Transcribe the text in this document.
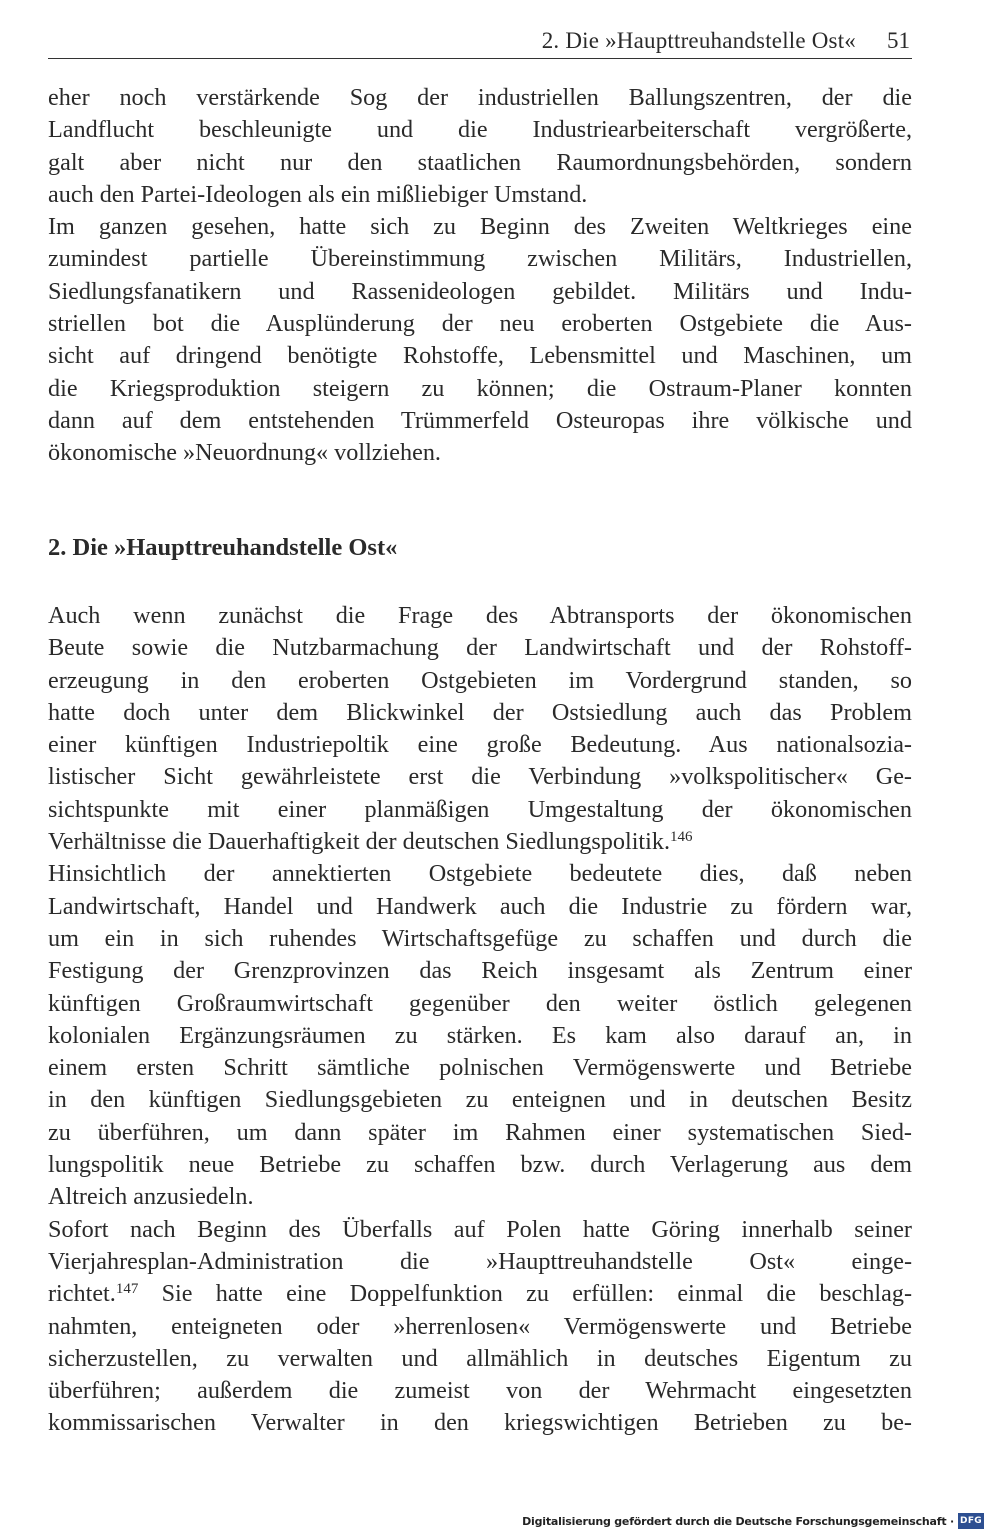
2. Die »Haupttreuhandstelle Ost« 51

eher noch verstärkende Sog der industriellen Ballungszentren, der die
Landflucht beschleunigte und die Industriearbeiterschaft vergrößerte,
galt aber nicht nur den staatlichen Raumordnungsbehörden, sondern
auch den Partei-Ideologen als ein mißliebiger Umstand.

Im ganzen gesehen, hatte sich zu Beginn des Zweiten Weltkrieges eine
zumindest partielle Übereinstimmung zwischen Militärs, Industriellen,
Siedlungsfanatikern und Rassenideologen gebildet. Militärs und Indu-
striellen bot die Ausplünderung der neu eroberten Ostgebiete die Aus-
sicht auf dringend benötigte Rohstoffe, Lebensmittel und Maschinen, um
die Kriegsproduktion steigern zu können; die Ostraum-Planer konnten
dann auf dem entstehenden Trümmerfeld Osteuropas ihre völkische und
ökonomische »Neuordnung« vollziehen.

2. Die »Haupttreuhandstelle Ost«

Auch wenn zunächst die Frage des Abtransports der ökonomischen
Beute sowie die Nutzbarmachung der Landwirtschaft und der Rohstoff-
erzeugung in den eroberten Ostgebieten im Vordergrund standen, so
hatte doch unter dem Blickwinkel der Ostsiedlung auch das Problem
einer künftigen Industriepoltik eine große Bedeutung. Aus nationalsozia-
listischer Sicht gewährleistete erst die Verbindung »volkspolitischer« Ge-
sichtspunkte mit einer planmäßigen Umgestaltung der ökonomischen
Verhältnisse die Dauerhaftigkeit der deutschen Siedlungspolitik.$^{146}$

Hinsichtlich der annektierten Ostgebiete bedeutete dies, daß neben
Landwirtschaft, Handel und Handwerk auch die Industrie zu fördern war,
um ein in sich ruhendes Wirtschaftsgefüge zu schaffen und durch die
Festigung der Grenzprovinzen das Reich insgesamt als Zentrum einer
künftigen Großraumwirtschaft gegenüber den weiter östlich gelegenen
kolonialen Ergänzungsräumen zu stärken. Es kam also darauf an, in
einem ersten Schritt sämtliche polnischen Vermögenswerte und Betriebe
in den künftigen Siedlungsgebieten zu enteignen und in deutschen Besitz
zu überführen, um dann später im Rahmen einer systematischen Sied-
lungspolitik neue Betriebe zu schaffen bzw. durch Verlagerung aus dem
Altreich anzusiedeln.

Sofort nach Beginn des Überfalls auf Polen hatte Göring innerhalb seiner
Vierjahresplan-Administration die »Haupttreuhandstelle Ost« einge-
richtet.$^{147}$ Sie hatte eine Doppelfunktion zu erfüllen: einmal die beschlag-
nahmten, enteigneten oder »herrenlosen« Vermögenswerte und Betriebe
sicherzustellen, zu verwalten und allmählich in deutsches Eigentum zu
überführen; außerdem die zumeist von der Wehrmacht eingesetzten
kommissarischen Verwalter in den kriegswichtigen Betrieben zu be-

Digitalisierung gefördert durch die Deutsche Forschungsgemeinschaft · DFG
